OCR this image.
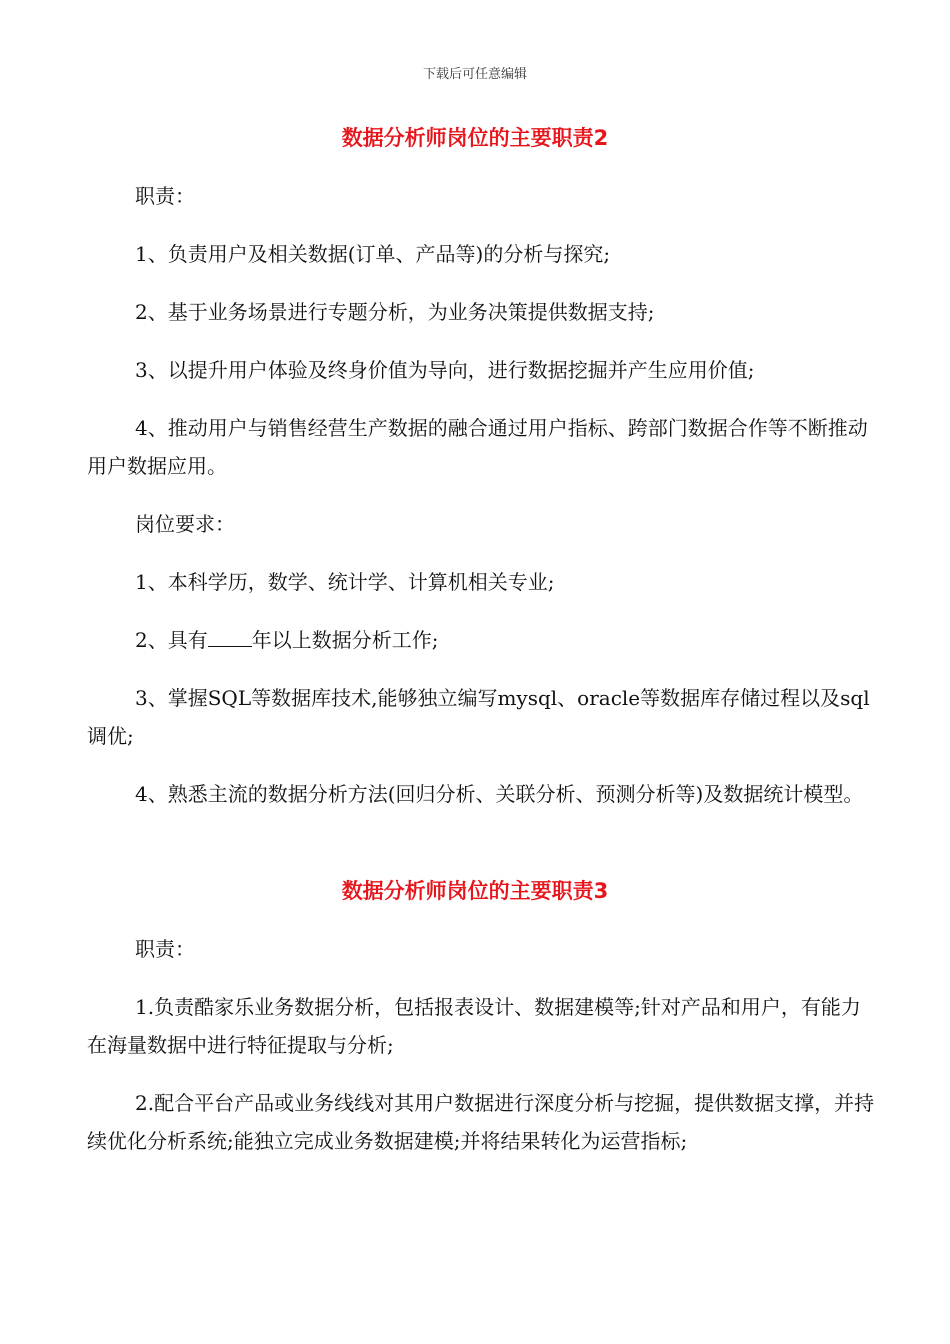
下载后可任意编辑
数据分析师岗位的主要职责2
职责：
1、负责用户及相关数据(订单、产品等)的分析与探究;
2、基于业务场景进行专题分析，为业务决策提供数据支持;
3、以提升用户体验及终身价值为导向，进行数据挖掘并产生应用价值;
4、推动用户与销售经营生产数据的融合通过用户指标、跨部门数据合作等不断推动用户数据应用。
岗位要求：
1、本科学历，数学、统计学、计算机相关专业;
2、具有 年以上数据分析工作;
3、掌握SQL等数据库技术,能够独立编写mysql、oracle等数据库存储过程以及sql调优;
4、熟悉主流的数据分析方法(回归分析、关联分析、预测分析等)及数据统计模型。
数据分析师岗位的主要职责3
职责：
1.负责酷家乐业务数据分析，包括报表设计、数据建模等;针对产品和用户，有能力在海量数据中进行特征提取与分析;
2.配合平台产品或业务线线对其用户数据进行深度分析与挖掘，提供数据支撑，并持续优化分析系统;能独立完成业务数据建模;并将结果转化为运营指标;
